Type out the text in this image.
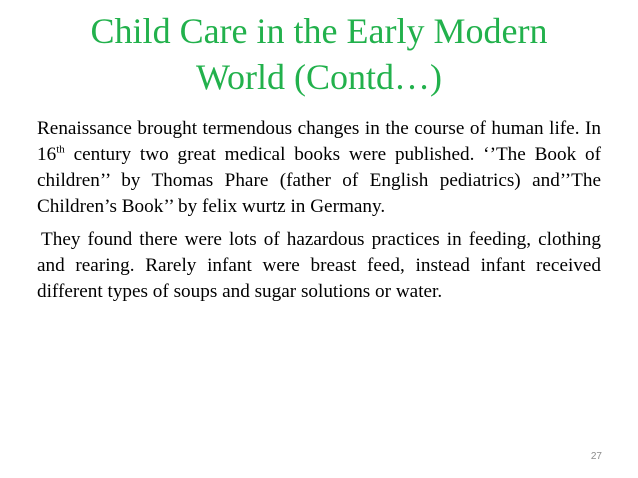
Child Care in the Early Modern
World (Contd…)

Renaissance brought termendous changes in the course of human life. In 16th century two great medical books were published. ‘’The Book of children’’ by Thomas Phare (father of English pediatrics) and’’The Children’s Book’’ by felix wurtz in Germany.

They found there were lots of hazardous practices in feeding, clothing and rearing. Rarely infant were breast feed, instead infant received different types of soups and sugar solutions or water.

27
